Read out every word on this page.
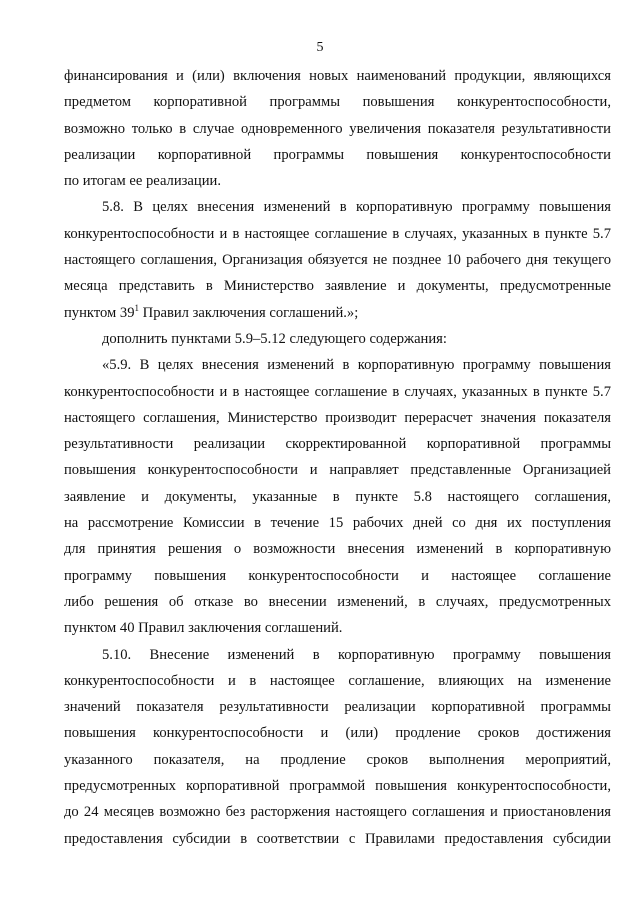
5
финансирования и (или) включения новых наименований продукции, являющихся
предметом корпоративной программы повышения конкурентоспособности,
возможно только в случае одновременного увеличения показателя результативности
реализации корпоративной программы повышения конкурентоспособности
по итогам ее реализации.
5.8. В целях внесения изменений в корпоративную программу повышения
конкурентоспособности и в настоящее соглашение в случаях, указанных в пункте 5.7
настоящего соглашения, Организация обязуется не позднее 10 рабочего дня текущего
месяца представить в Министерство заявление и документы, предусмотренные
пунктом $39^1$ Правил заключения соглашений.»;
дополнить пунктами 5.9–5.12 следующего содержания:
«5.9. В целях внесения изменений в корпоративную программу повышения
конкурентоспособности и в настоящее соглашение в случаях, указанных в пункте 5.7
настоящего соглашения, Министерство производит перерасчет значения показателя
результативности реализации скорректированной корпоративной программы
повышения конкурентоспособности и направляет представленные Организацией
заявление и документы, указанные в пункте 5.8 настоящего соглашения,
на рассмотрение Комиссии в течение 15 рабочих дней со дня их поступления
для принятия решения о возможности внесения изменений в корпоративную
программу повышения конкурентоспособности и настоящее соглашение
либо решения об отказе во внесении изменений, в случаях, предусмотренных
пунктом 40 Правил заключения соглашений.
5.10. Внесение изменений в корпоративную программу повышения
конкурентоспособности и в настоящее соглашение, влияющих на изменение
значений показателя результативности реализации корпоративной программы
повышения конкурентоспособности и (или) продление сроков достижения
указанного показателя, на продление сроков выполнения мероприятий,
предусмотренных корпоративной программой повышения конкурентоспособности,
до 24 месяцев возможно без расторжения настоящего соглашения и приостановления
предоставления субсидии в соответствии с Правилами предоставления субсидии
